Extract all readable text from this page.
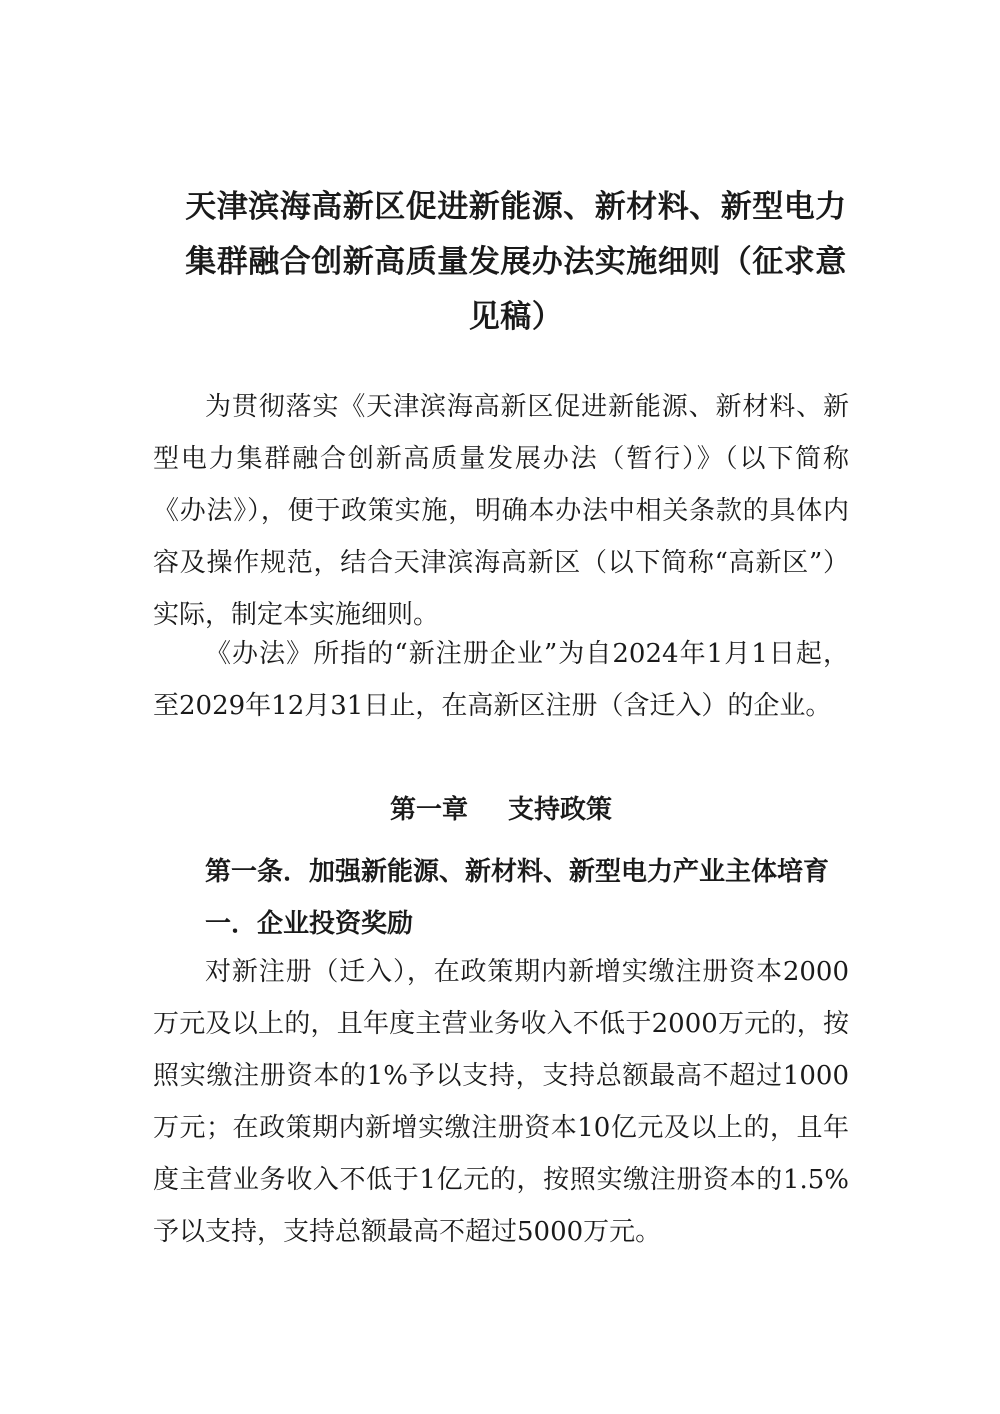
天津滨海高新区促进新能源、新材料、新型电力集群融合创新高质量发展办法实施细则（征求意见稿）

为贯彻落实《天津滨海高新区促进新能源、新材料、新型电力集群融合创新高质量发展办法（暂行）》（以下简称《办法》），便于政策实施，明确本办法中相关条款的具体内容及操作规范，结合天津滨海高新区（以下简称“高新区”）实际，制定本实施细则。

《办法》所指的“新注册企业”为自2024年1月1日起，至2029年12月31日止，在高新区注册（含迁入）的企业。

第一章 支持政策
第一条．加强新能源、新材料、新型电力产业主体培育
一．企业投资奖励

对新注册（迁入），在政策期内新增实缴注册资本2000万元及以上的，且年度主营业务收入不低于2000万元的，按照实缴注册资本的1%予以支持，支持总额最高不超过1000万元；在政策期内新增实缴注册资本10亿元及以上的，且年度主营业务收入不低于1亿元的，按照实缴注册资本的1.5%予以支持，支持总额最高不超过5000万元。
